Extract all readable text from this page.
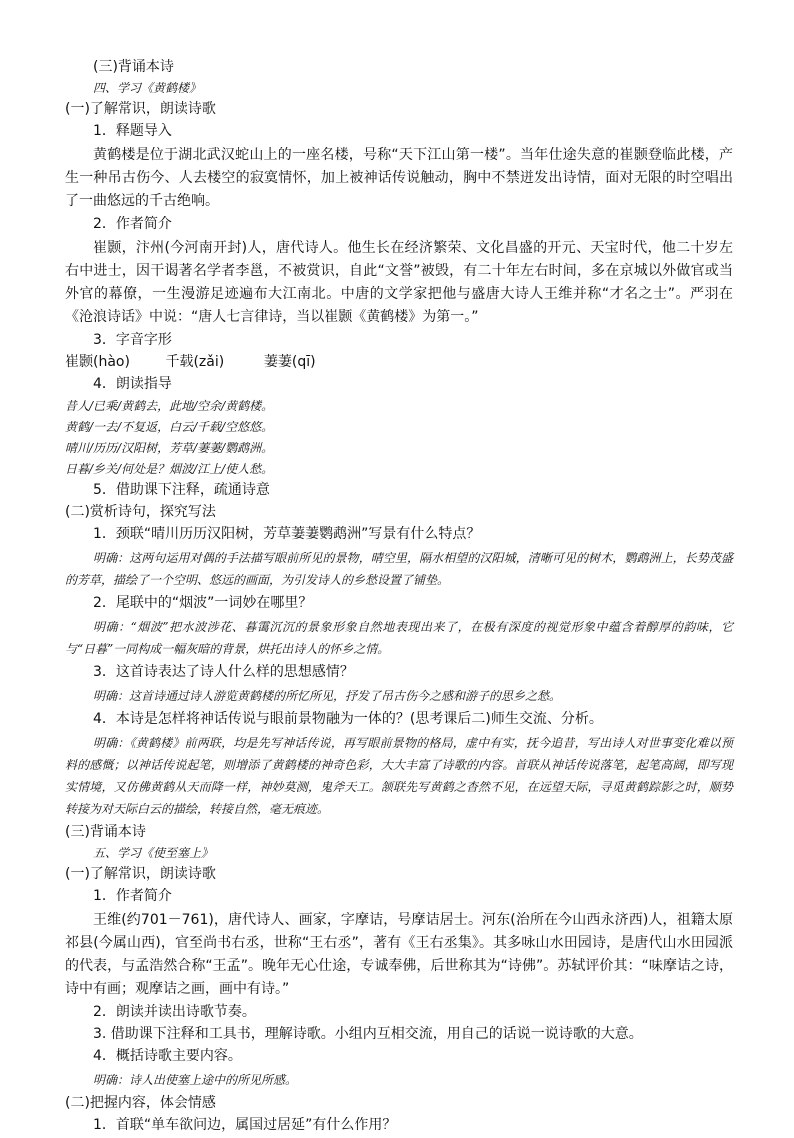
(三)背诵本诗
四、学习《黄鹤楼》
(一)了解常识，朗读诗歌
1．释题导入

黄鹤楼是位于湖北武汉蛇山上的一座名楼，号称“天下江山第一楼”。当年仕途失意的崔颢登临此楼，产生一种吊古伤今、人去楼空的寂寞情怀，加上被神话传说触动，胸中不禁迸发出诗情，面对无限的时空唱出了一曲悠远的千古绝响。

2．作者简介

崔颢，汴州(今河南开封)人，唐代诗人。他生长在经济繁荣、文化昌盛的开元、天宝时代，他二十岁左右中进士，因干谒著名学者李邕，不被赏识，自此“文誉”被毁，有二十年左右时间，多在京城以外做官或当外官的幕僚，一生漫游足迹遍布大江南北。中唐的文学家把他与盛唐大诗人王维并称“才名之士”。严羽在《沧浪诗话》中说：“唐人七言律诗，当以崔颢《黄鹤楼》为第一。”

3．字音字形
崔颢(hào)	千载(zǎi)	萋萋(qī)
4．朗读指导
昔人/已乘/黄鹤去，此地/空余/黄鹤楼。
黄鹤/一去/不复返，白云/千载/空悠悠。
晴川/历历/汉阳树，芳草/萋萋/鹦鹉洲。
日暮/乡关/何处是？烟波/江上/使人愁。
5．借助课下注释，疏通诗意
(二)赏析诗句，探究写法
1．颈联“晴川历历汉阳树，芳草萋萋鹦鹉洲”写景有什么特点？

明确：这两句运用对偶的手法描写眼前所见的景物，晴空里，隔水相望的汉阳城，清晰可见的树木，鹦鹉洲上，长势茂盛的芳草，描绘了一个空明、悠远的画面，为引发诗人的乡愁设置了铺垫。

2．尾联中的“烟波”一词妙在哪里？

明确：“烟波”把水波涉花、暮霭沉沉的景象形象自然地表现出来了，在极有深度的视觉形象中蕴含着醇厚的韵味，它与“日暮”一同构成一幅灰暗的背景，烘托出诗人的怀乡之情。

3．这首诗表达了诗人什么样的思想感情？

明确：这首诗通过诗人游览黄鹤楼的所忆所见，抒发了吊古伤今之感和游子的思乡之愁。

4．本诗是怎样将神话传说与眼前景物融为一体的？(思考课后二)师生交流、分析。

明确：《黄鹤楼》前两联，均是先写神话传说，再写眼前景物的格局，虚中有实，抚今追昔，写出诗人对世事变化难以预料的感慨；以神话传说起笔，则增添了黄鹤楼的神奇色彩，大大丰富了诗歌的内容。首联从神话传说落笔，起笔高阔，即写现实情境，又仿佛黄鹤从天而降一样，神妙莫测，鬼斧天工。颔联先写黄鹤之杳然不见，在远望天际，寻觅黄鹤踪影之时，顺势转接为对天际白云的描绘，转接自然，毫无痕迹。

(三)背诵本诗
五、学习《使至塞上》
(一)了解常识，朗读诗歌
1．作者简介

王维(约701－761)，唐代诗人、画家，字摩诘，号摩诘居士。河东(治所在今山西永济西)人，祖籍太原祁县(今属山西)，官至尚书右丞，世称“王右丞”，著有《王右丞集》。其多咏山水田园诗，是唐代山水田园派的代表，与孟浩然合称“王孟”。晚年无心仕途，专诚奉佛，后世称其为“诗佛”。苏轼评价其：“味摩诘之诗，诗中有画；观摩诘之画，画中有诗。”

2．朗读并读出诗歌节奏。
3. 借助课下注释和工具书，理解诗歌。小组内互相交流，用自己的话说一说诗歌的大意。
4．概括诗歌主要内容。

明确：诗人出使塞上途中的所见所感。

(二)把握内容，体会情感
1．首联“单车欲问边，属国过居延”有什么作用？
